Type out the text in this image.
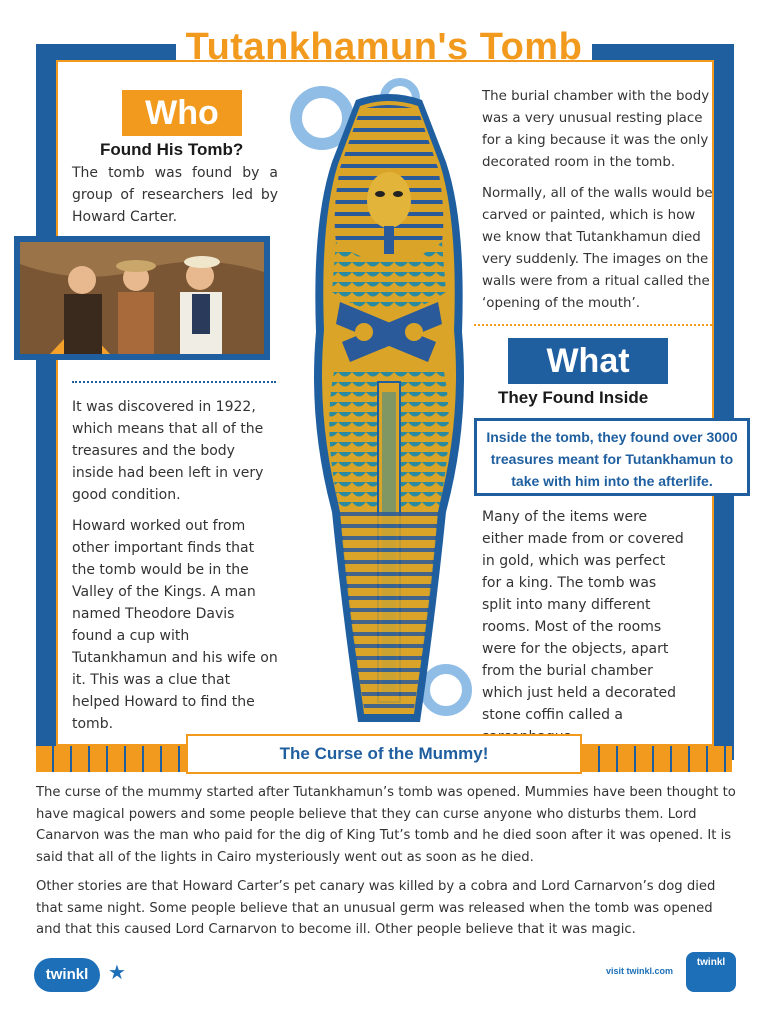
Tutankhamun's Tomb
Who
Found His Tomb?
The tomb was found by a group of researchers led by Howard Carter.

It was discovered in 1922, which means that all of the treasures and the body inside had been left in very good condition.

Howard worked out from other important finds that the tomb would be in the Valley of the Kings. A man named Theodore Davis found a cup with Tutankhamun and his wife on it. This was a clue that helped Howard to find the tomb.

The burial chamber with the body was a very unusual resting place for a king because it was the only decorated room in the tomb.

Normally, all of the walls would be carved or painted, which is how we know that Tutankhamun died very suddenly. The images on the walls were from a ritual called the ‘opening of the mouth’.

What
They Found Inside
Inside the tomb, they found over 3000 treasures meant for Tutankhamun to take with him into the afterlife.
Many of the items were either made from or covered in gold, which was perfect for a king. The tomb was split into many different rooms. Most of the rooms were for the objects, apart from the burial chamber which just held a decorated stone coffin called a
The Curse of the Mummy!

The curse of the mummy started after Tutankhamun’s tomb was opened. Mummies have been thought to have magical powers and some people believe that they can curse anyone who disturbs them. Lord Canarvon was the man who paid for the dig of King Tut’s tomb and he died soon after it was opened. It is said that all of the lights in Cairo mysteriously went out as soon as he died.

Other stories are that Howard Carter’s pet canary was killed by a cobra and Lord Carnarvon’s dog died that same night. Some people believe that an unusual germ was released when the tomb was opened and that this caused Lord Carnarvon to become ill. Other people believe that it was magic.

twinkl ★	visit twinkl.com
twinkl
